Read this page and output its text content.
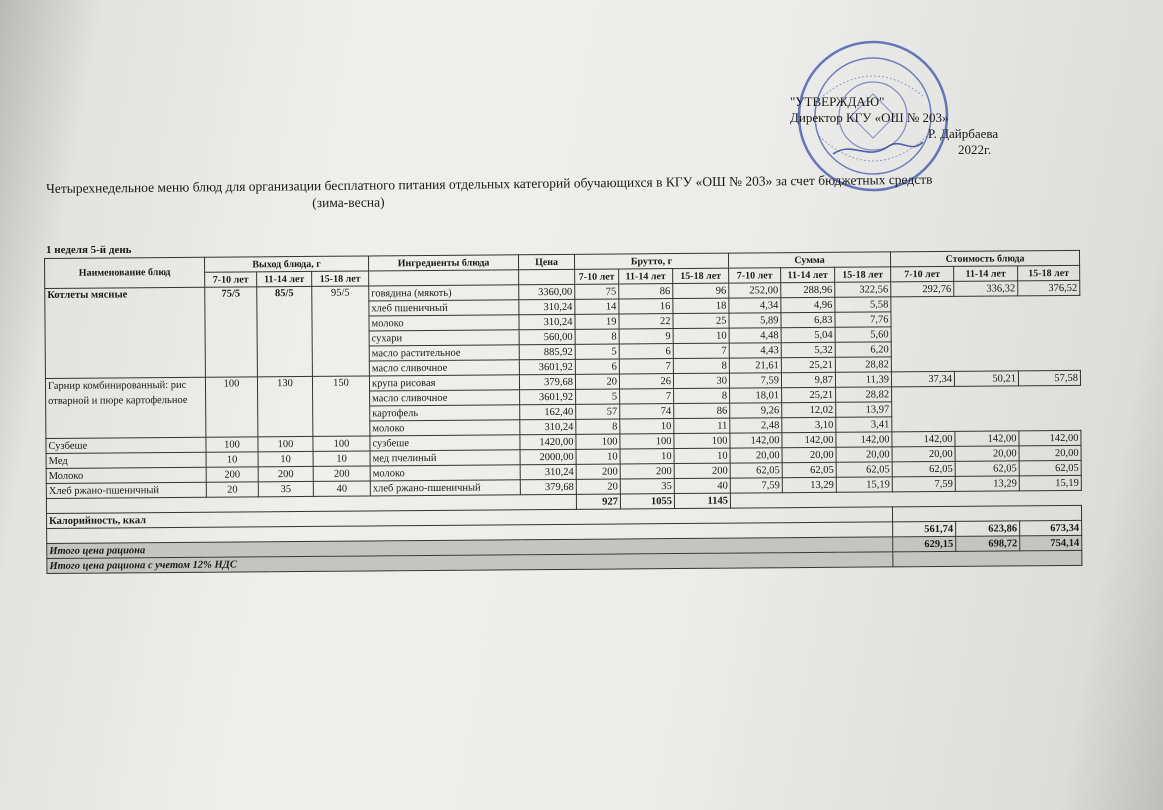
"УТВЕРЖДАЮ"
Директор КГУ «ОШ № 203»
Р. Дайрбаева
2022г.
Четырехнедельное меню блюд для организации бесплатного питания отдельных категорий обучающихся в КГУ «ОШ № 203» за счет бюджетных средств
(зима-весна)
1 неделя 5-й день
Наименование блюд	Выход блюда, г			Ингредиенты блюда	Цена	Брутто, г			Сумма			Стоимость блюда		
	7-10 лет	11-14 лет	15-18 лет			7-10 лет	11-14 лет	15-18 лет	7-10 лет	11-14 лет	15-18 лет	7-10 лет	11-14 лет	15-18 лет
Котлеты мясные	75/5	85/5	95/5	говядина (мякоть)	3360,00	75	86	96	252,00	288,96	322,56	292,76	336,32	376,52
				хлеб пшеничный	310,24	14	16	18	4,34	4,96	5,58			
				молоко	310,24	19	22	25	5,89	6,83	7,76			
				сухари	560,00	8	9	10	4,48	5,04	5,60			
				масло растительное	885,92	5	6	7	4,43	5,32	6,20			
				масло сливочное	3601,92	6	7	8	21,61	25,21	28,82			
Гарнир комбинированный: рис отварной и пюре картофельное	100	130	150	крупа рисовая	379,68	20	26	30	7,59	9,87	11,39	37,34	50,21	57,58
				масло сливочное	3601,92	5	7	8	18,01	25,21	28,82			
				картофель	162,40	57	74	86	9,26	12,02	13,97			
				молоко	310,24	8	10	11	2,48	3,10	3,41			
Сузбеше	100	100	100	сузбеше	1420,00	100	100	100	142,00	142,00	142,00	142,00	142,00	142,00
Мед	10	10	10	мед пчелиный	2000,00	10	10	10	20,00	20,00	20,00	20,00	20,00	20,00
Молоко	200	200	200	молоко	310,24	200	200	200	62,05	62,05	62,05	62,05	62,05	62,05
Хлеб ржано-пшеничный	20	35	40	хлеб ржано-пшеничный	379,68	20	35	40	7,59	13,29	15,19	7,59	13,29	15,19
						927	1055	1145						
Калорийность, ккал														
												561,74	623,86	673,34
Итого цена рациона												629,15	698,72	754,14
Итого цена рациона с учетом 12% НДС														
